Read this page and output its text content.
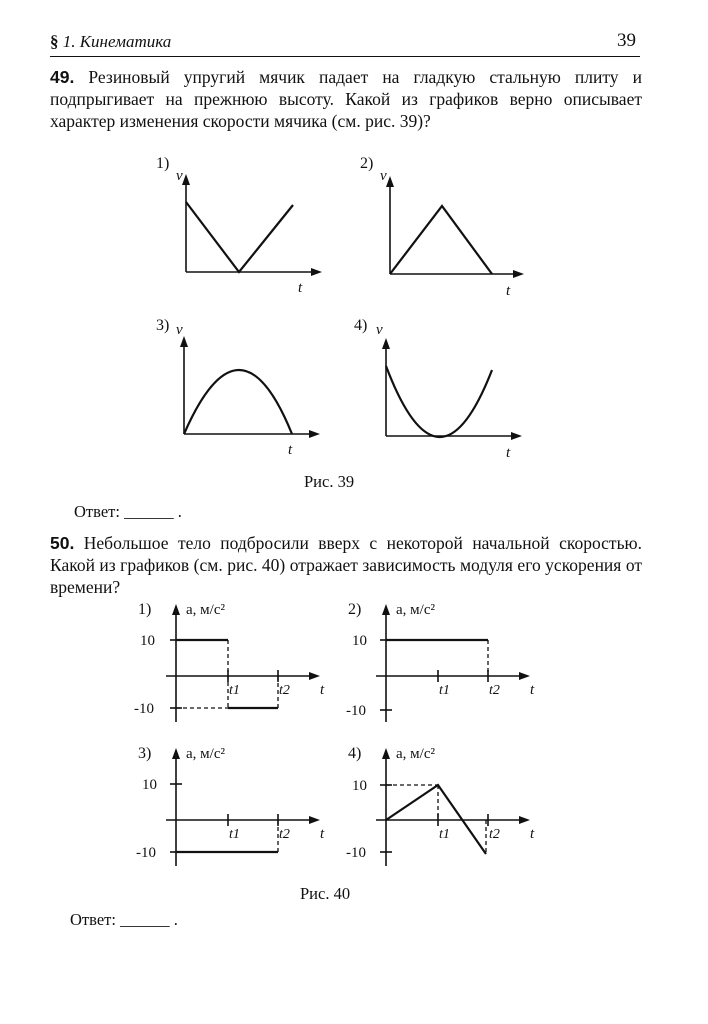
§ 1. Кинематика	39
49. Резиновый упругий мячик падает на гладкую стальную плиту и подпрыгивает на прежнюю высоту. Какой из графиков верно описывает характер изменения скорости мячика (см. рис. 39)?
1)
v
t
2)
v
t
3) v
t
4) v
t
Рис. 39
Ответ: ______ .
50. Небольшое тело подбросили вверх с некоторой начальной скоростью. Какой из графиков (см. рис. 40) отражает зависимость модуля его ускорения от времени?
1) a, м/с²
t
10
-10
t1	t2
2) a, м/с²
t
10
-10
t1	t2
3) a, м/с²
t
10
-10
t1	t2
4) a, м/с²
t
10
-10
t1	t2
Рис. 40
Ответ: ______ .
